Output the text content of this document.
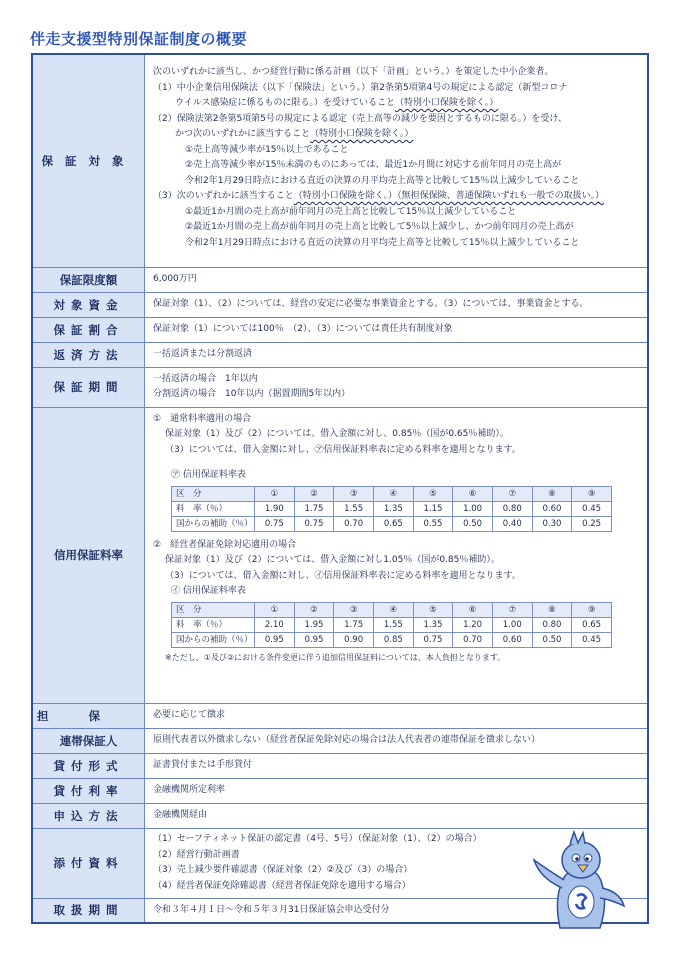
伴走支援型特別保証制度の概要
保証対象

次のいずれかに該当し、かつ経営行動に係る計画（以下「計画」という。）を策定した中小企業者。
（1）中小企業信用保険法（以下「保険法」という。）第2条第5項第4号の規定による認定（新型コロナ
ウイルス感染症に係るものに限る。）を受けていること（特別小口保険を除く。）
（2）保険法第2条第5項第5号の規定による認定（売上高等の減少を要因とするものに限る。）を受け、
かつ次のいずれかに該当すること（特別小口保険を除く。）
①売上高等減少率が15％以上であること
②売上高等減少率が15％未満のものにあっては、最近1か月間に対応する前年同月の売上高が
令和2年1月29日時点における直近の決算の月平均売上高等と比較して15％以上減少していること
（3）次のいずれかに該当すること（特別小口保険を除く。）（無担保保険、普通保険いずれも一般での取扱い。）
①最近1か月間の売上高が前年同月の売上高と比較して15％以上減少していること
②最近1か月間の売上高が前年同月の売上高と比較して5％以上減少し、かつ前年同月の売上高が
令和2年1月29日時点における直近の決算の月平均売上高等と比較して15％以上減少していること

保証限度額	6,000万円

対象資金	保証対象（1）、（2）については、経営の安定に必要な事業資金とする。（3）については、事業資金とする。

保証割合	保証対象（1）については100％　（2）、（3）については責任共有制度対象

返済方法	一括返済または分割返済

保証期間

一括返済の場合　1年以内
分割返済の場合　10年以内（据置期間5年以内）

信用保証料率

①　通常料率適用の場合
保証対象（1）及び（2）については、借入金額に対し、0.85％（国が0.65％補助）。
（3）については、借入金額に対し、㋐信用保証料率表に定める料率を適用となります。
㋐ 信用保証料率表
区　分	①	②	③	④	⑤	⑥	⑦	⑧	⑨
料　率（％）	1.90	1.75	1.55	1.35	1.15	1.00	0.80	0.60	0.45
国からの補助（％）	0.75	0.75	0.70	0.65	0.55	0.50	0.40	0.30	0.25
②　経営者保証免除対応適用の場合
保証対象（1）及び（2）については、借入金額に対し1.05％（国が0.85％補助）。
（3）については、借入金額に対し、㋑信用保証料率表に定める料率を適用となります。
㋑ 信用保証料率表
区　分	①	②	③	④	⑤	⑥	⑦	⑧	⑨
料　率（％）	2.10	1.95	1.75	1.55	1.35	1.20	1.00	0.80	0.65
国からの補助（％）	0.95	0.95	0.90	0.85	0.75	0.70	0.60	0.50	0.45
※ただし、①及び②における条件変更に伴う追加信用保証料については、本人負担となります。

担保	必要に応じて徴求

連帯保証人	原則代表者以外徴求しない（経営者保証免除対応の場合は法人代表者の連帯保証を徴求しない）

貸付形式	証書貸付または手形貸付

貸付利率	金融機関所定利率

申込方法	金融機関経由

添付資料

（1）セーフティネット保証の認定書（4号、5号）（保証対象（1）、（2）の場合）
（2）経営行動計画書
（3）売上減少要件確認書（保証対象（2）②及び（3）の場合）
（4）経営者保証免除確認書（経営者保証免除を適用する場合）

取扱期間	令和３年４月１日～令和５年３月31日保証協会申込受付分
